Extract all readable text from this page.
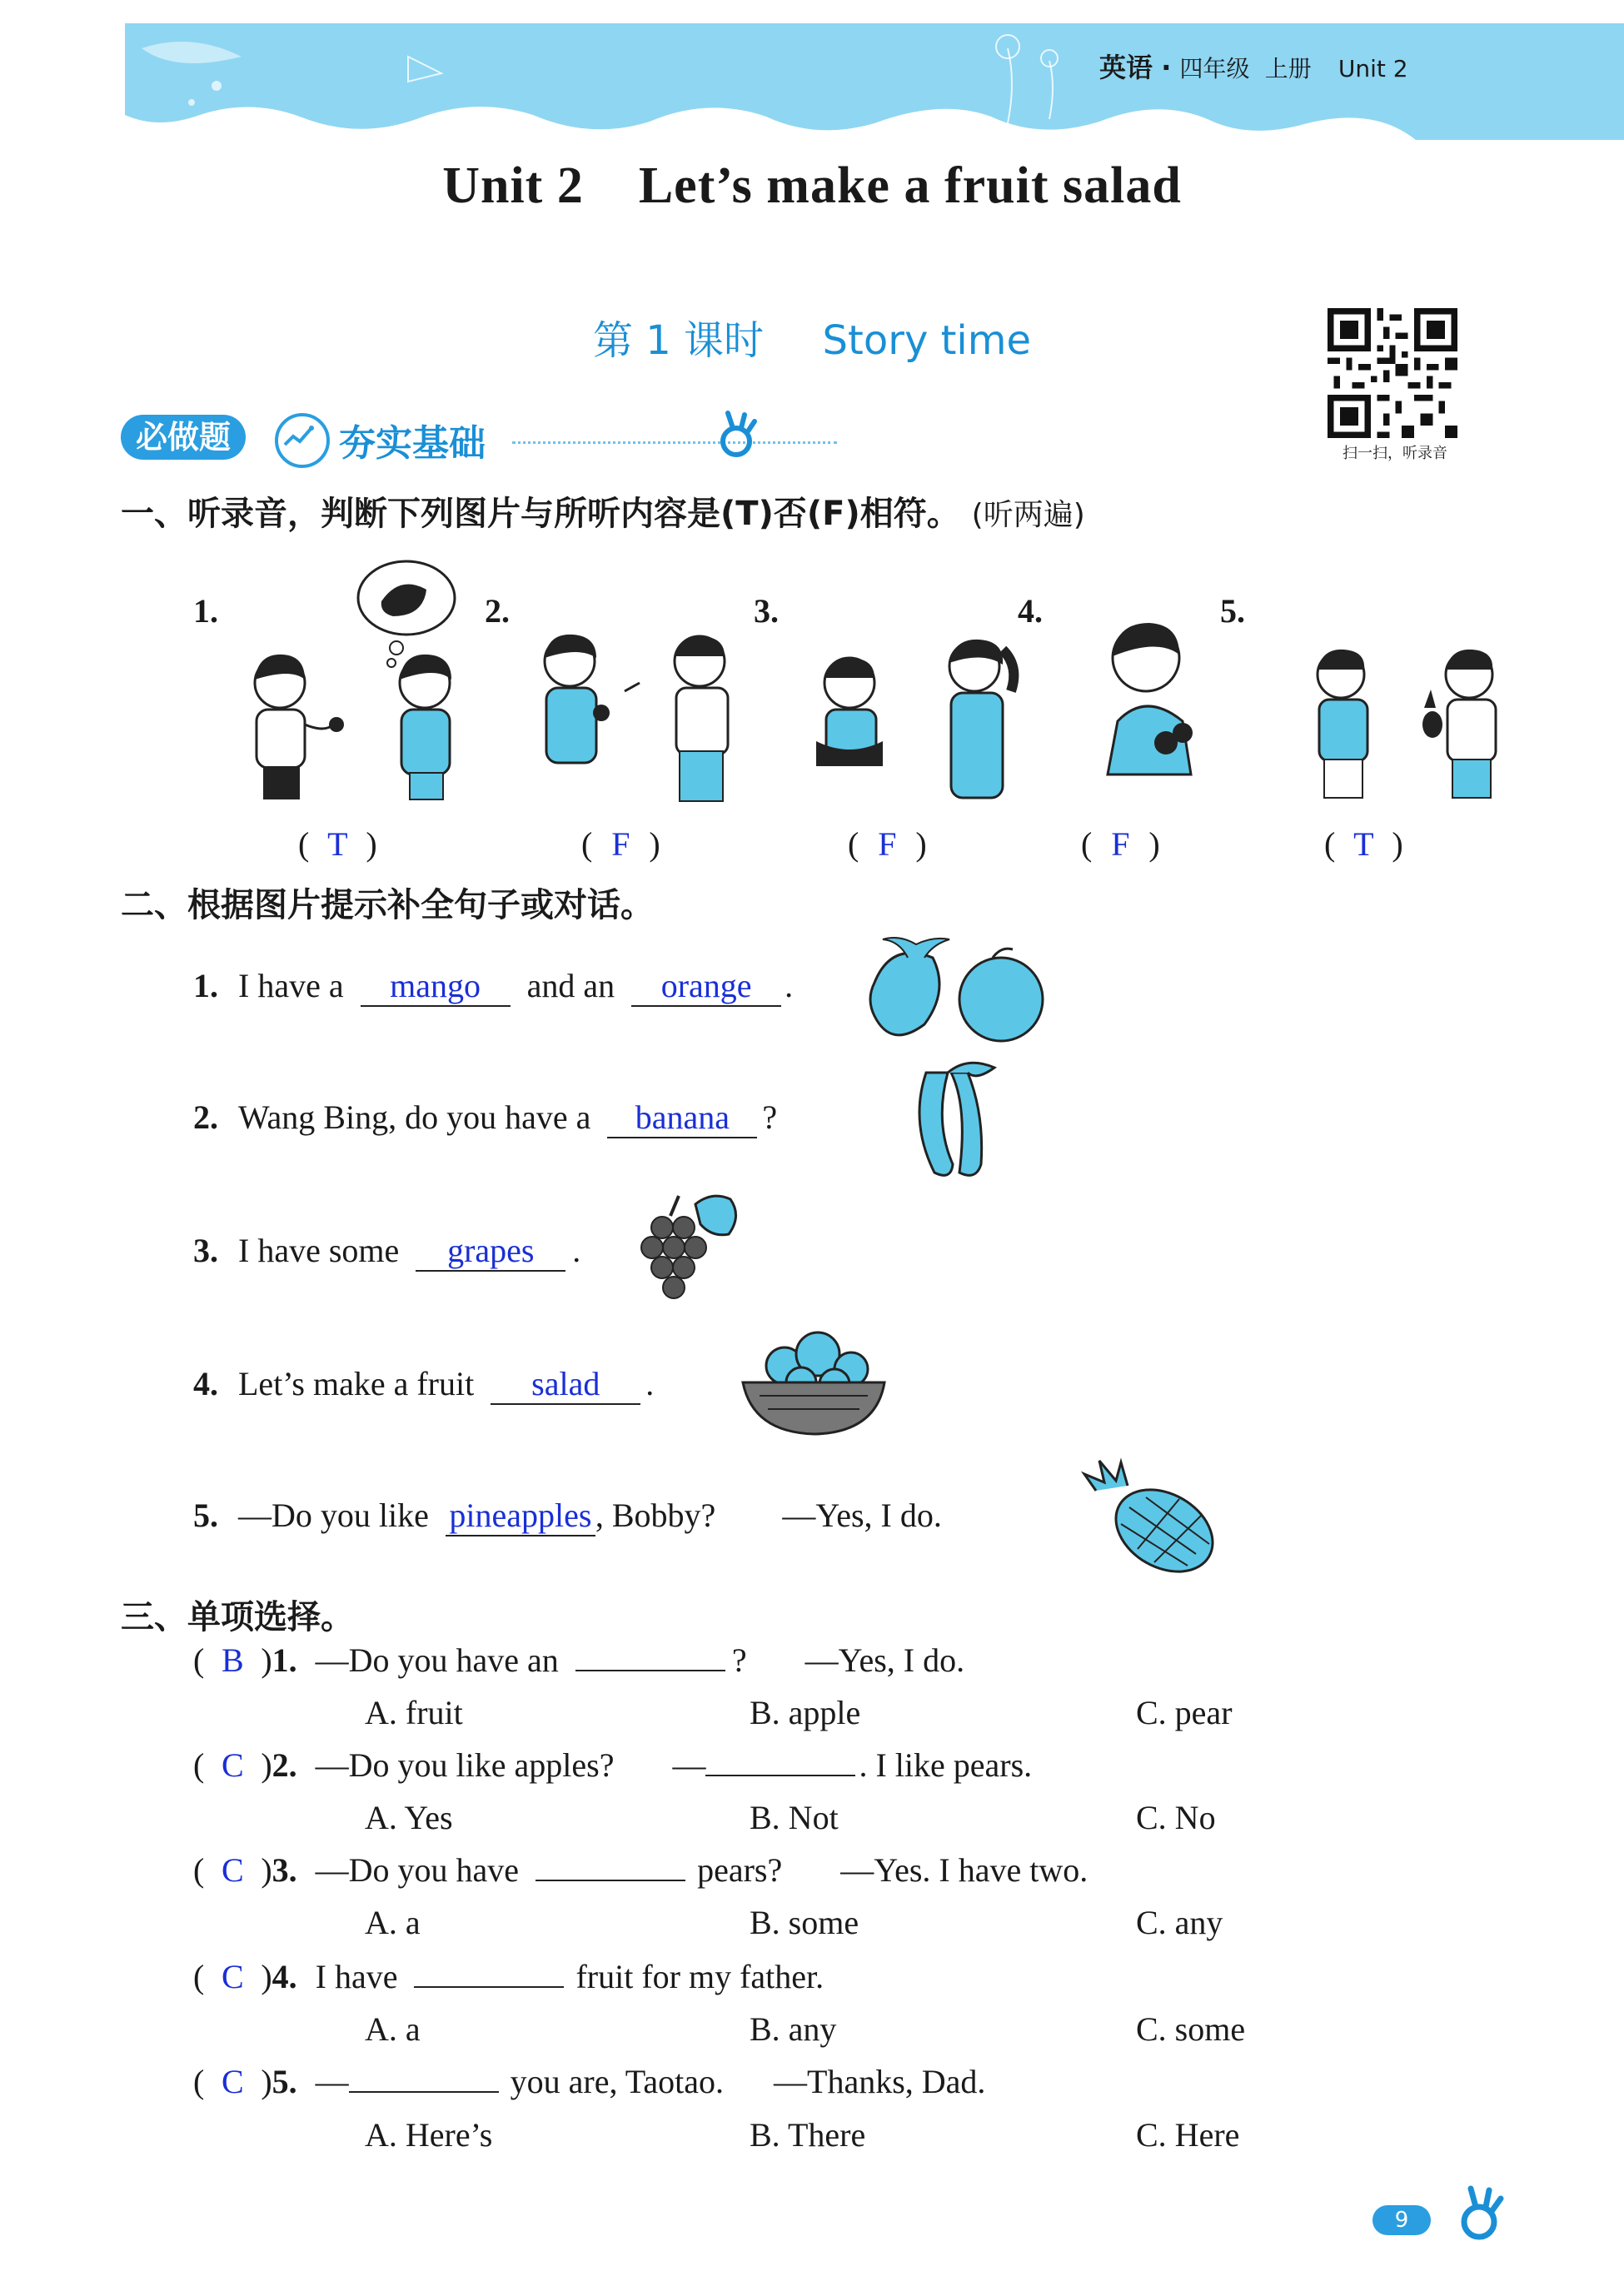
英语 · 四年级 上册 Unit 2
Unit 2    Let’s make a fruit salad
第 1 课时 Story time
扫一扫，听录音
必做题	夯实基础
一、听录音，判断下列图片与所听内容是(T)否(F)相符。 (听两遍)
1.	2.	3.	4.	5.
( T )	( F )	( F )	( F )	( T )
二、根据图片提示补全句子或对话。
1. I have a mango and an orange .
2. Wang Bing, do you have a banana ?
3. I have some grapes .
4. Let’s make a fruit salad .
5. —Do you like pineapples , Bobby? —Yes, I do.
三、单项选择。
( B )1. —Do you have an	? —Yes, I do.
A. fruit	B. apple	C. pear
( C )2. —Do you like apples? —	. I like pears.
A. Yes	B. Not	C. No
( C )3. —Do you have	pears? —Yes. I have two.
A. a	B. some	C. any
( C )4. I have	fruit for my father.
A. a	B. any	C. some
( C )5. —	you are, Taotao. —Thanks, Dad.
A. Here’s	B. There	C. Here
9
